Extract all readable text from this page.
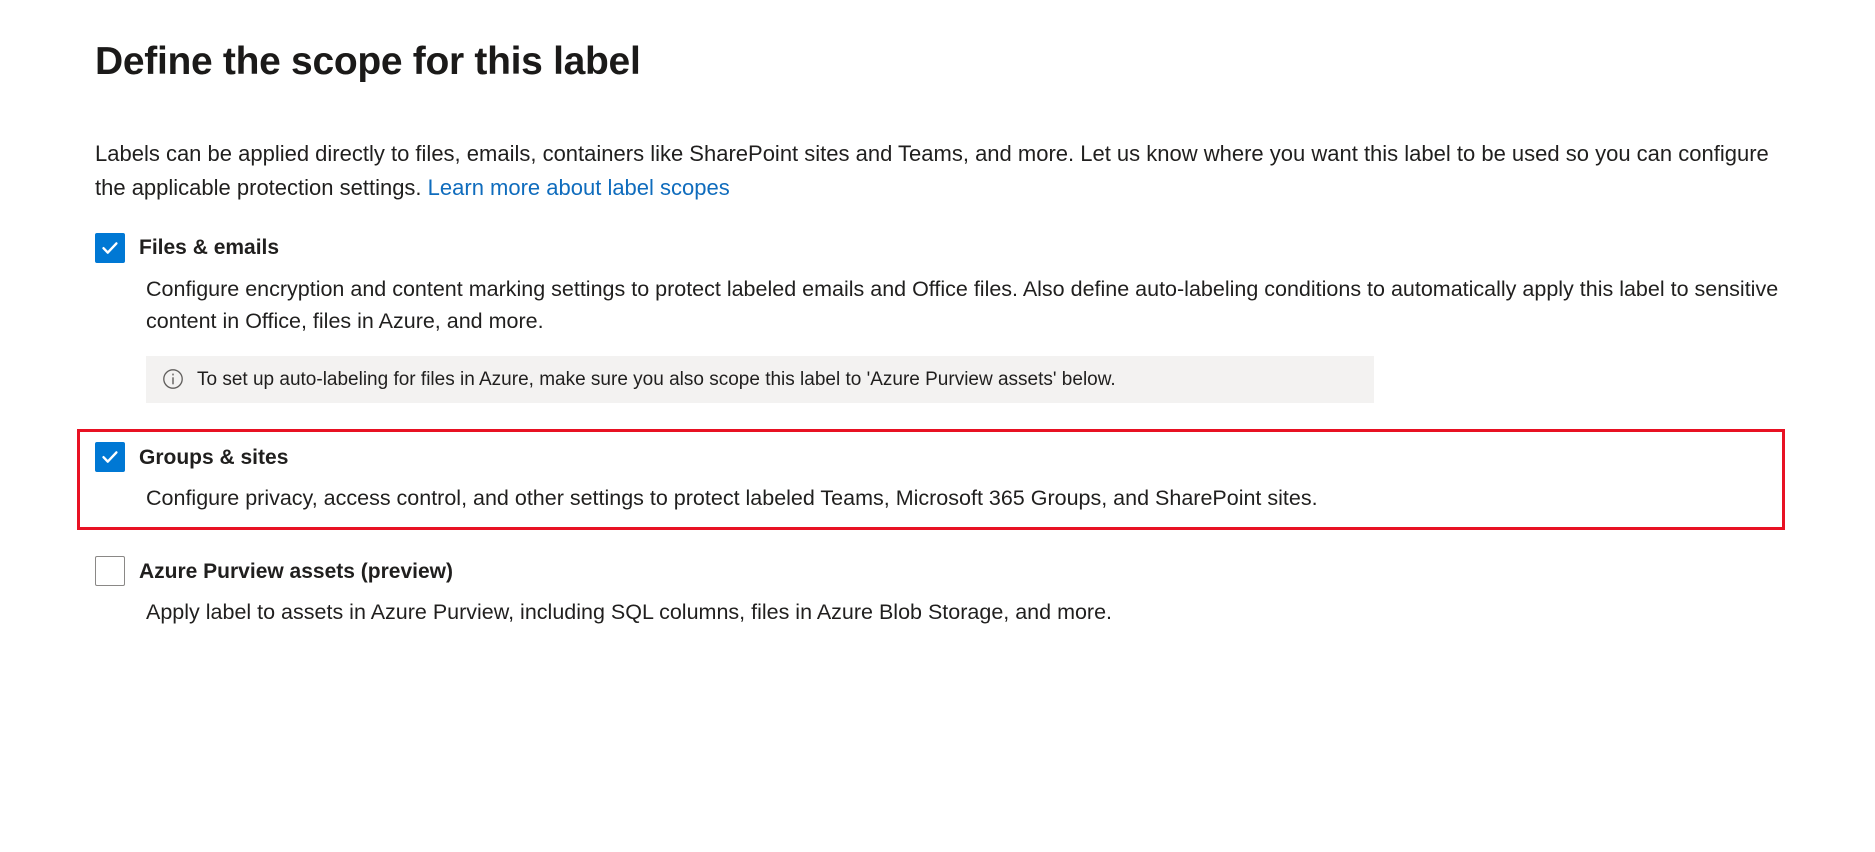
Define the scope for this label

Labels can be applied directly to files, emails, containers like SharePoint sites and Teams, and more. Let us know where you want this label to be used so you can configure the applicable protection settings. Learn more about label scopes

Files & emails
Configure encryption and content marking settings to protect labeled emails and Office files. Also define auto-labeling conditions to automatically apply this label to sensitive content in Office, files in Azure, and more.
To set up auto-labeling for files in Azure, make sure you also scope this label to 'Azure Purview assets' below.
Groups & sites
Configure privacy, access control, and other settings to protect labeled Teams, Microsoft 365 Groups, and SharePoint sites.
Azure Purview assets (preview)
Apply label to assets in Azure Purview, including SQL columns, files in Azure Blob Storage, and more.
